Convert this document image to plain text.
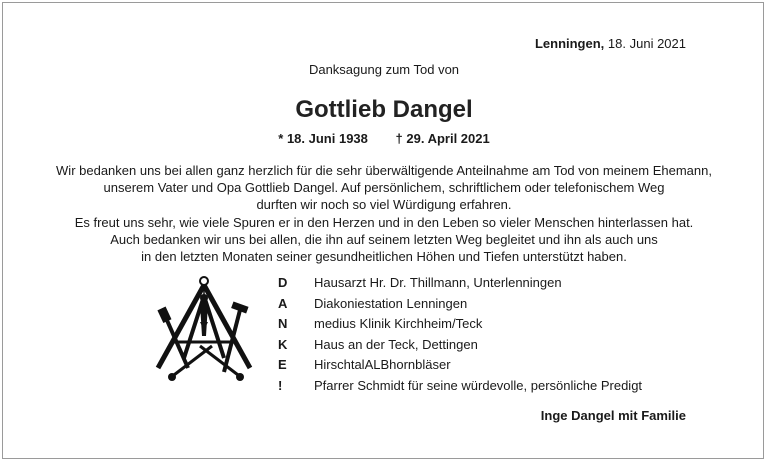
Lenningen, 18. Juni 2021
Danksagung zum Tod von
Gottlieb Dangel
* 18. Juni 1938 † 29. April 2021
Wir bedanken uns bei allen ganz herzlich für die sehr überwältigende Anteilnahme am Tod von meinem Ehemann,
unserem Vater und Opa Gottlieb Dangel. Auf persönlichem, schriftlichem oder telefonischem Weg
durften wir noch so viel Würdigung erfahren.
Es freut uns sehr, wie viele Spuren er in den Herzen und in den Leben so vieler Menschen hinterlassen hat.
Auch bedanken wir uns bei allen, die ihn auf seinem letzten Weg begleitet und ihn als auch uns
in den letzten Monaten seiner gesundheitlichen Höhen und Tiefen unterstützt haben.
D
A
N
K
E
!
Hausarzt Hr. Dr. Thillmann, Unterlenningen
Diakoniestation Lenningen
medius Klinik Kirchheim/Teck
Haus an der Teck, Dettingen
HirschtalALBhornbläser
Pfarrer Schmidt für seine würdevolle, persönliche Predigt
Inge Dangel mit Familie
